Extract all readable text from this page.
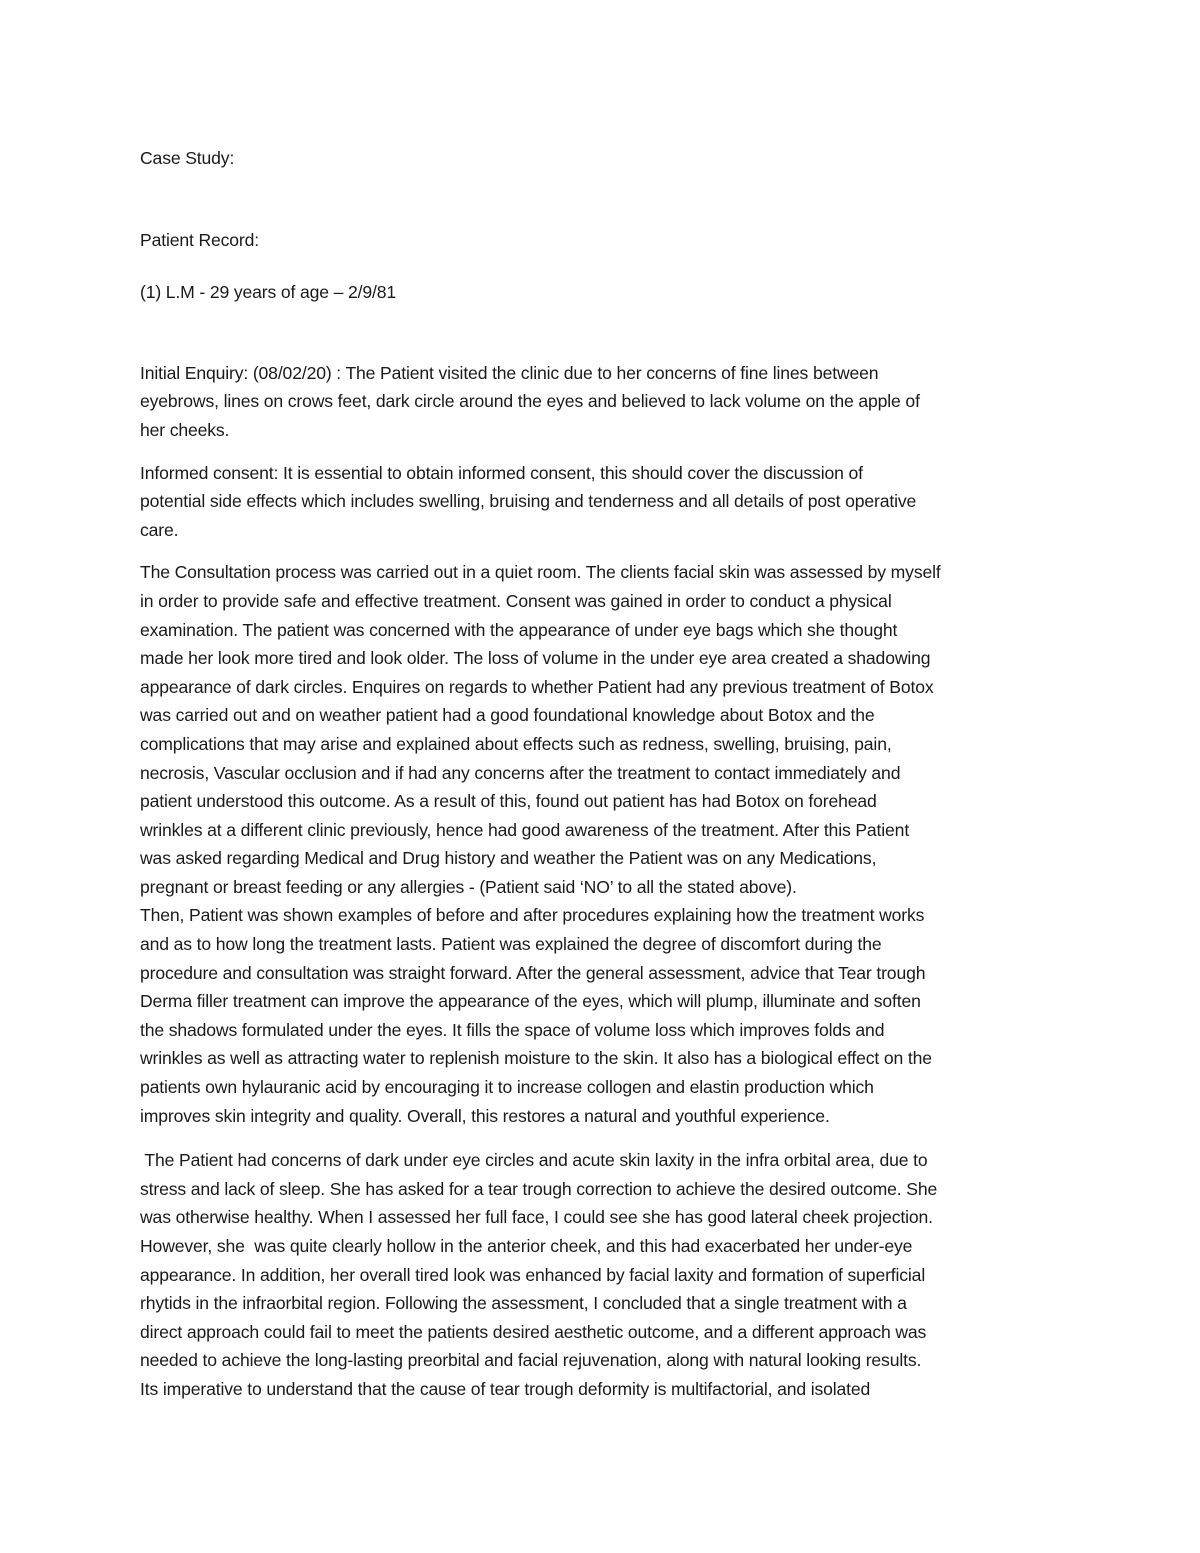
Case Study:
Patient Record:
(1) L.M - 29 years of age – 2/9/81
Initial Enquiry: (08/02/20) : The Patient visited the clinic due to her concerns of fine lines between
eyebrows, lines on crows feet, dark circle around the eyes and believed to lack volume on the apple of
her cheeks.
Informed consent: It is essential to obtain informed consent, this should cover the discussion of
potential side effects which includes swelling, bruising and tenderness and all details of post operative
care.
The Consultation process was carried out in a quiet room. The clients facial skin was assessed by myself
in order to provide safe and effective treatment. Consent was gained in order to conduct a physical
examination. The patient was concerned with the appearance of under eye bags which she thought
made her look more tired and look older. The loss of volume in the under eye area created a shadowing
appearance of dark circles. Enquires on regards to whether Patient had any previous treatment of Botox
was carried out and on weather patient had a good foundational knowledge about Botox and the
complications that may arise and explained about effects such as redness, swelling, bruising, pain,
necrosis, Vascular occlusion and if had any concerns after the treatment to contact immediately and
patient understood this outcome. As a result of this, found out patient has had Botox on forehead
wrinkles at a different clinic previously, hence had good awareness of the treatment. After this Patient
was asked regarding Medical and Drug history and weather the Patient was on any Medications,
pregnant or breast feeding or any allergies - (Patient said ‘NO’ to all the stated above).
Then, Patient was shown examples of before and after procedures explaining how the treatment works
and as to how long the treatment lasts. Patient was explained the degree of discomfort during the
procedure and consultation was straight forward. After the general assessment, advice that Tear trough
Derma filler treatment can improve the appearance of the eyes, which will plump, illuminate and soften
the shadows formulated under the eyes. It fills the space of volume loss which improves folds and
wrinkles as well as attracting water to replenish moisture to the skin. It also has a biological effect on the
patients own hylauranic acid by encouraging it to increase collogen and elastin production which
improves skin integrity and quality. Overall, this restores a natural and youthful experience.
The Patient had concerns of dark under eye circles and acute skin laxity in the infra orbital area, due to
stress and lack of sleep. She has asked for a tear trough correction to achieve the desired outcome. She
was otherwise healthy. When I assessed her full face, I could see she has good lateral cheek projection.
However, she  was quite clearly hollow in the anterior cheek, and this had exacerbated her under-eye
appearance. In addition, her overall tired look was enhanced by facial laxity and formation of superficial
rhytids in the infraorbital region. Following the assessment, I concluded that a single treatment with a
direct approach could fail to meet the patients desired aesthetic outcome, and a different approach was
needed to achieve the long-lasting preorbital and facial rejuvenation, along with natural looking results.
Its imperative to understand that the cause of tear trough deformity is multifactorial, and isolated
